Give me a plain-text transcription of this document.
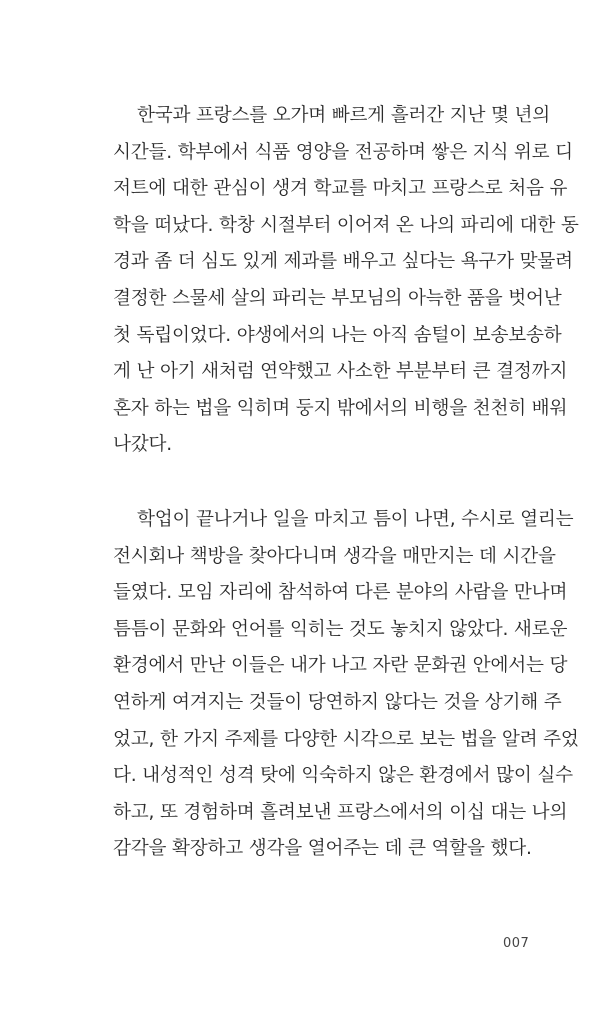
한국과 프랑스를 오가며 빠르게 흘러간 지난 몇 년의
시간들. 학부에서 식품 영양을 전공하며 쌓은 지식 위로 디
저트에 대한 관심이 생겨 학교를 마치고 프랑스로 처음 유
학을 떠났다. 학창 시절부터 이어져 온 나의 파리에 대한 동
경과 좀 더 심도 있게 제과를 배우고 싶다는 욕구가 맞물려
결정한 스물세 살의 파리는 부모님의 아늑한 품을 벗어난
첫 독립이었다. 야생에서의 나는 아직 솜털이 보송보송하
게 난 아기 새처럼 연약했고 사소한 부분부터 큰 결정까지
혼자 하는 법을 익히며 둥지 밖에서의 비행을 천천히 배워
나갔다.
학업이 끝나거나 일을 마치고 틈이 나면, 수시로 열리는
전시회나 책방을 찾아다니며 생각을 매만지는 데 시간을
들였다. 모임 자리에 참석하여 다른 분야의 사람을 만나며
틈틈이 문화와 언어를 익히는 것도 놓치지 않았다. 새로운
환경에서 만난 이들은 내가 나고 자란 문화권 안에서는 당
연하게 여겨지는 것들이 당연하지 않다는 것을 상기해 주
었고, 한 가지 주제를 다양한 시각으로 보는 법을 알려 주었
다. 내성적인 성격 탓에 익숙하지 않은 환경에서 많이 실수
하고, 또 경험하며 흘려보낸 프랑스에서의 이십 대는 나의
감각을 확장하고 생각을 열어주는 데 큰 역할을 했다.
007
